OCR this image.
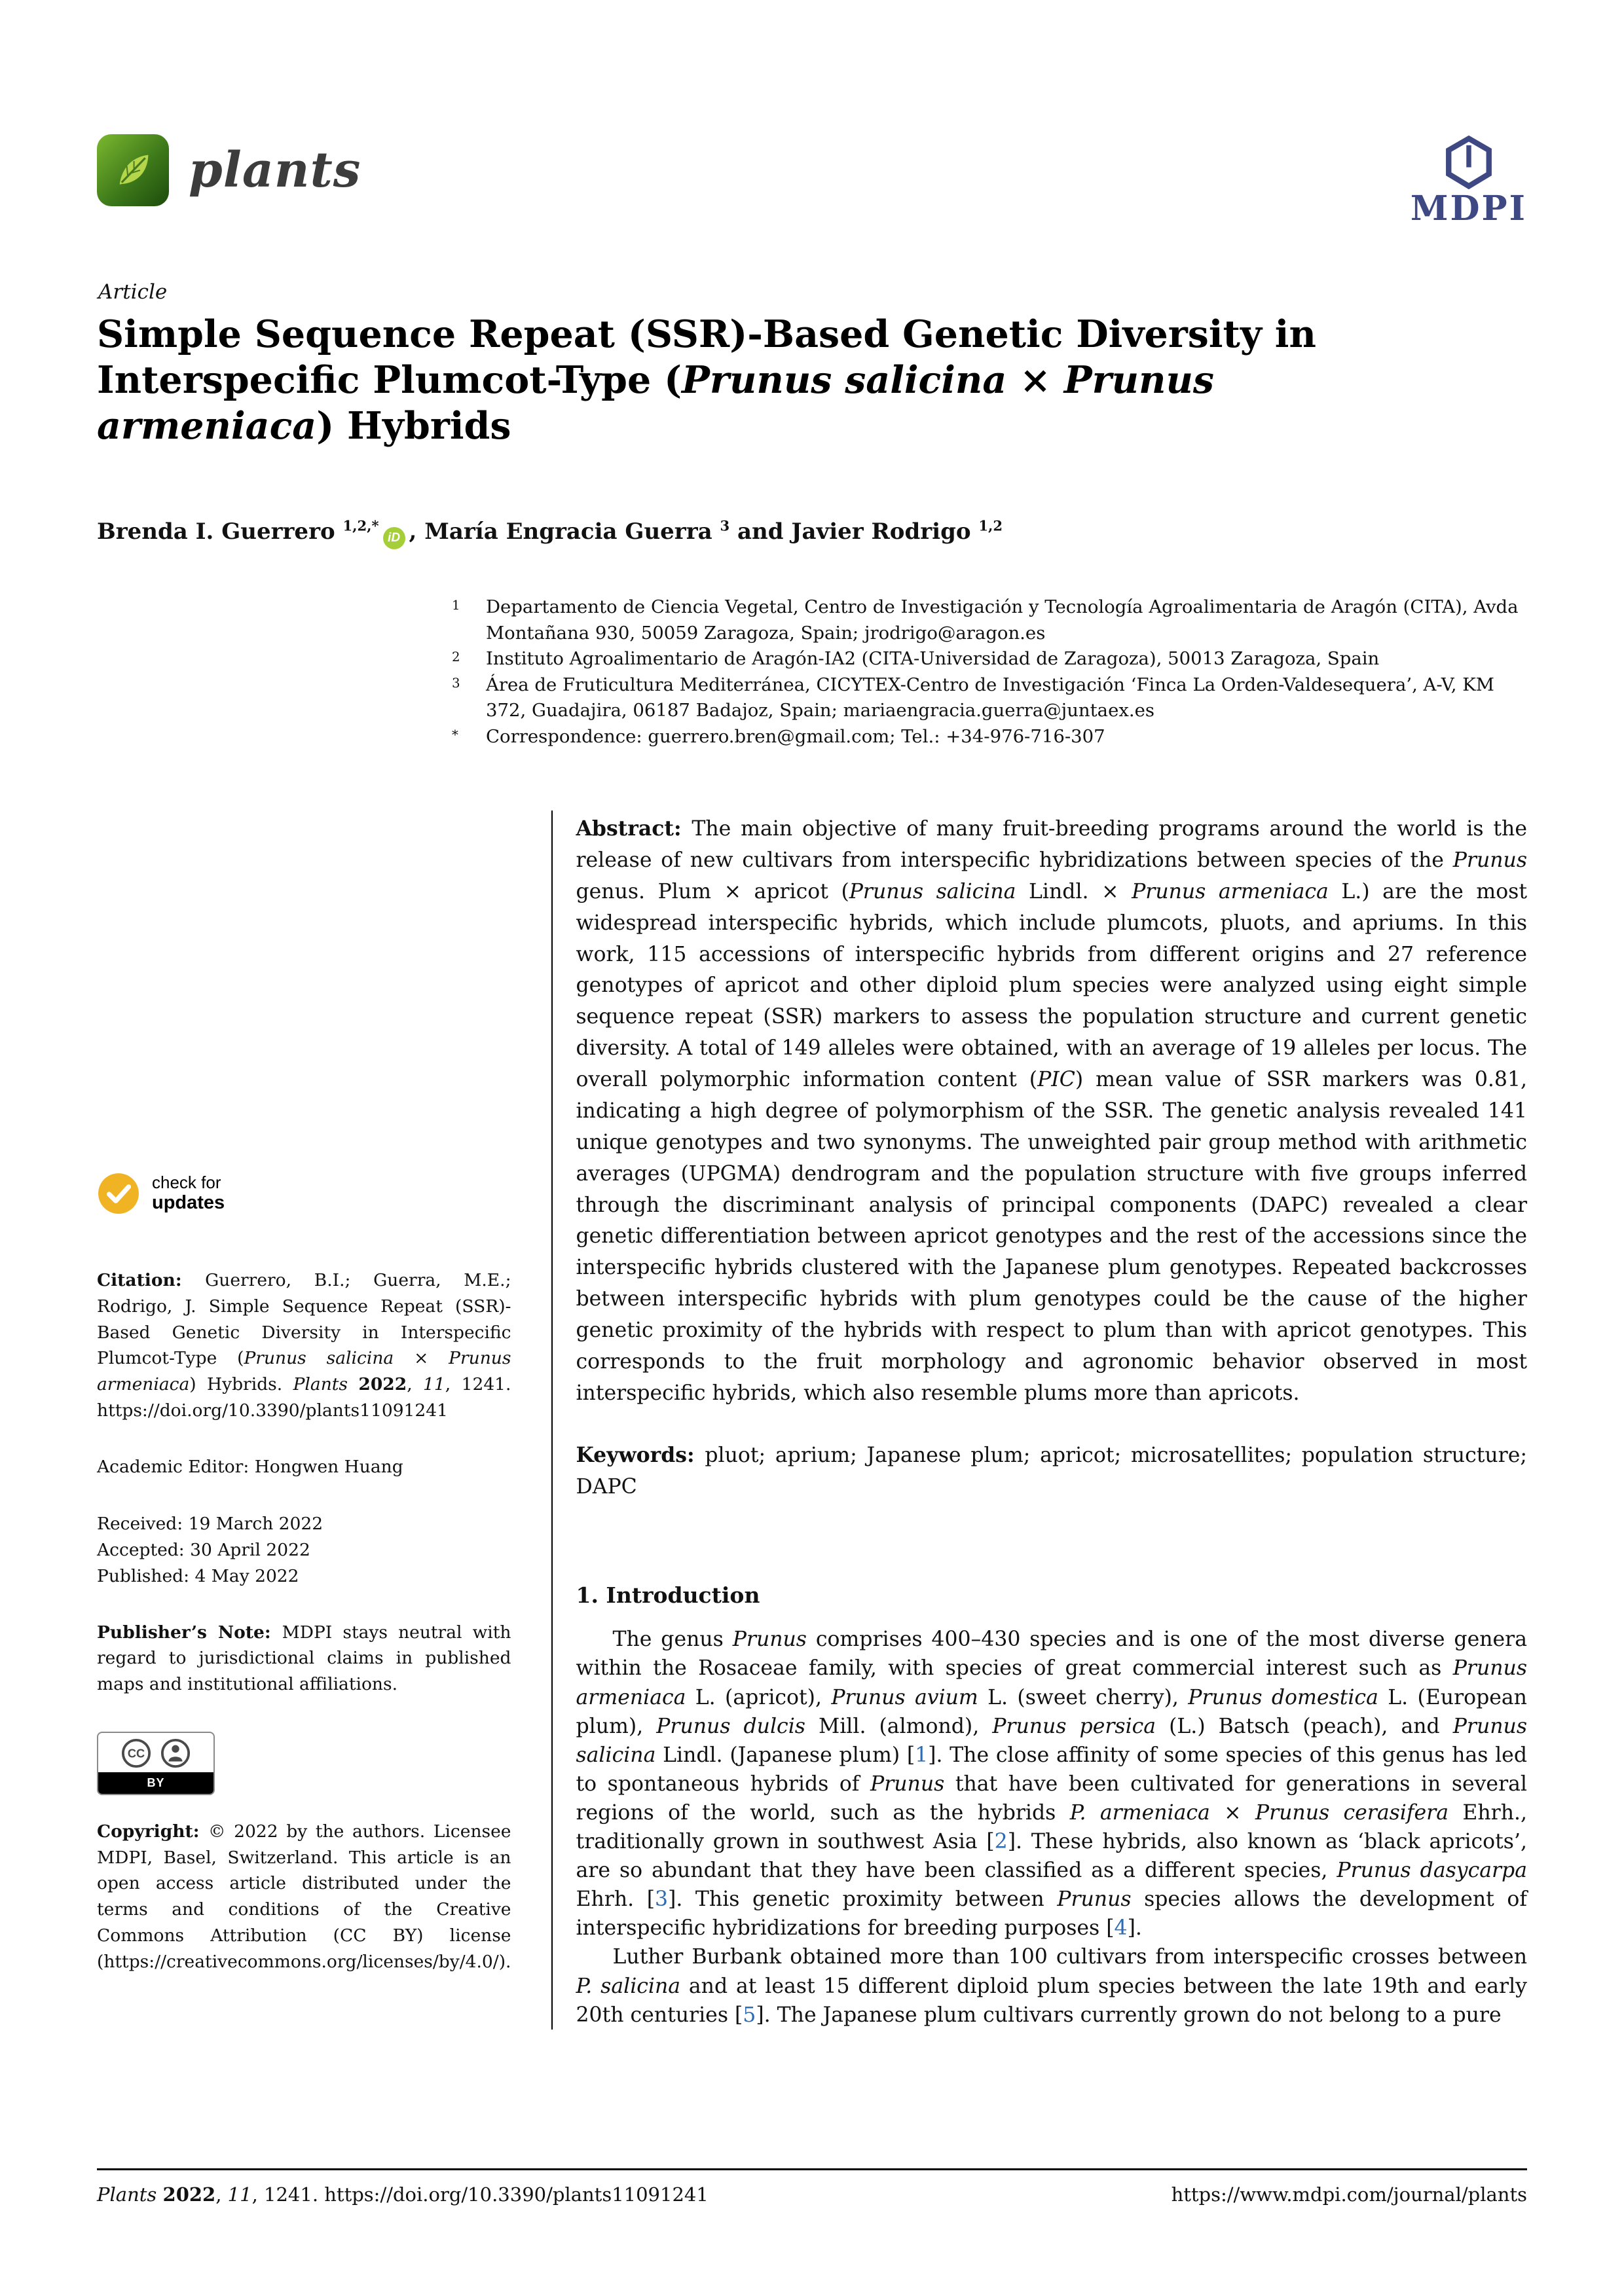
plants
MDPI
Article
Simple Sequence Repeat (SSR)-Based Genetic Diversity in Interspecific Plumcot-Type (Prunus salicina × Prunus armeniaca) Hybrids
Brenda I. Guerrero $^{1,2,*}$iD , María Engracia Guerra $^3$ and Javier Rodrigo $^{1,2}$
1	Departamento de Ciencia Vegetal, Centro de Investigación y Tecnología Agroalimentaria de Aragón (CITA), Avda Montañana 930, 50059 Zaragoza, Spain; jrodrigo@aragon.es
2	Instituto Agroalimentario de Aragón-IA2 (CITA-Universidad de Zaragoza), 50013 Zaragoza, Spain
3	Área de Fruticultura Mediterránea, CICYTEX-Centro de Investigación ‘Finca La Orden-Valdesequera’, A-V, KM 372, Guadajira, 06187 Badajoz, Spain; mariaengracia.guerra@juntaex.es
*	Correspondence: guerrero.bren@gmail.com; Tel.: +34-976-716-307
check for
updates
Citation: Guerrero, B.I.; Guerra, M.E.; Rodrigo, J. Simple Sequence Repeat (SSR)-Based Genetic Diversity in Interspecific Plumcot-Type (Prunus salicina × Prunus armeniaca) Hybrids. Plants 2022, 11, 1241. https://doi.org/10.3390/plants11091241
Academic Editor: Hongwen Huang
Received: 19 March 2022
Accepted: 30 April 2022
Published: 4 May 2022
Publisher’s Note: MDPI stays neutral with regard to jurisdictional claims in published maps and institutional affiliations.
CC
BY
Copyright: © 2022 by the authors. Licensee MDPI, Basel, Switzerland. This article is an open access article distributed under the terms and conditions of the Creative Commons Attribution (CC BY) license (https://creativecommons.org/licenses/by/4.0/).

Abstract: The main objective of many fruit-breeding programs around the world is the release of new cultivars from interspecific hybridizations between species of the Prunus genus. Plum × apricot (Prunus salicina Lindl. × Prunus armeniaca L.) are the most widespread interspecific hybrids, which include plumcots, pluots, and apriums. In this work, 115 accessions of interspecific hybrids from different origins and 27 reference genotypes of apricot and other diploid plum species were analyzed using eight simple sequence repeat (SSR) markers to assess the population structure and current genetic diversity. A total of 149 alleles were obtained, with an average of 19 alleles per locus. The overall polymorphic information content (PIC) mean value of SSR markers was 0.81, indicating a high degree of polymorphism of the SSR. The genetic analysis revealed 141 unique genotypes and two synonyms. The unweighted pair group method with arithmetic averages (UPGMA) dendrogram and the population structure with five groups inferred through the discriminant analysis of principal components (DAPC) revealed a clear genetic differentiation between apricot genotypes and the rest of the accessions since the interspecific hybrids clustered with the Japanese plum genotypes. Repeated backcrosses between interspecific hybrids with plum genotypes could be the cause of the higher genetic proximity of the hybrids with respect to plum than with apricot genotypes. This corresponds to the fruit morphology and agronomic behavior observed in most interspecific hybrids, which also resemble plums more than apricots.

Keywords: pluot; aprium; Japanese plum; apricot; microsatellites; population structure; DAPC

1. Introduction

The genus Prunus comprises 400–430 species and is one of the most diverse genera within the Rosaceae family, with species of great commercial interest such as Prunus armeniaca L. (apricot), Prunus avium L. (sweet cherry), Prunus domestica L. (European plum), Prunus dulcis Mill. (almond), Prunus persica (L.) Batsch (peach), and Prunus salicina Lindl. (Japanese plum) [1]. The close affinity of some species of this genus has led to spontaneous hybrids of Prunus that have been cultivated for generations in several regions of the world, such as the hybrids P. armeniaca × Prunus cerasifera Ehrh., traditionally grown in southwest Asia [2]. These hybrids, also known as ‘black apricots’, are so abundant that they have been classified as a different species, Prunus dasycarpa Ehrh. [3]. This genetic proximity between Prunus species allows the development of interspecific hybridizations for breeding purposes [4].

Luther Burbank obtained more than 100 cultivars from interspecific crosses between P. salicina and at least 15 different diploid plum species between the late 19th and early 20th centuries [5]. The Japanese plum cultivars currently grown do not belong to a pure

Plants 2022, 11, 1241. https://doi.org/10.3390/plants11091241	https://www.mdpi.com/journal/plants
